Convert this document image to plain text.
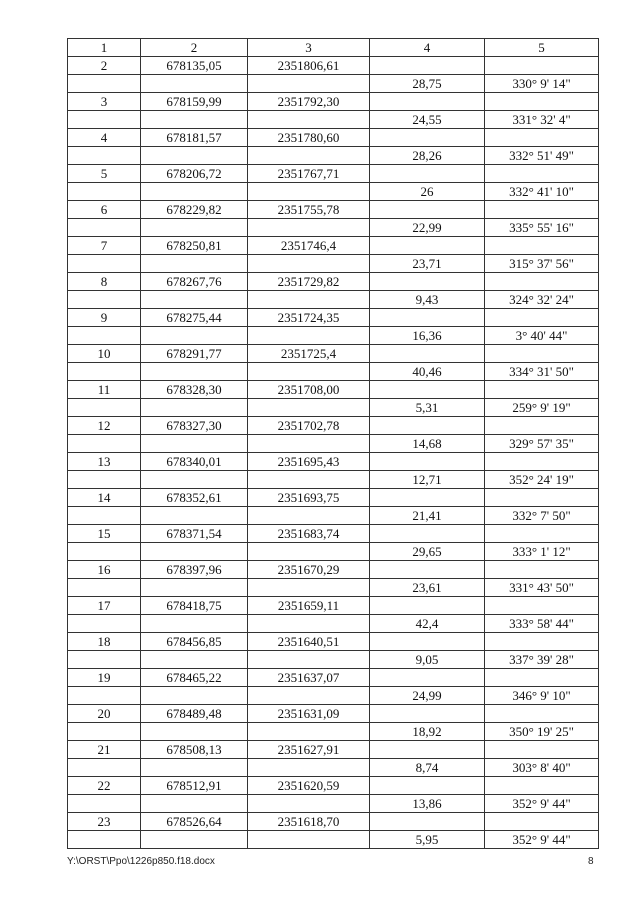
1	2	3	4	5
2	678135,05	2351806,61		
			28,75	330° 9' 14"
3	678159,99	2351792,30		
			24,55	331° 32' 4"
4	678181,57	2351780,60		
			28,26	332° 51' 49"
5	678206,72	2351767,71		
			26	332° 41' 10"
6	678229,82	2351755,78		
			22,99	335° 55' 16"
7	678250,81	2351746,4		
			23,71	315° 37' 56"
8	678267,76	2351729,82		
			9,43	324° 32' 24"
9	678275,44	2351724,35		
			16,36	3° 40' 44"
10	678291,77	2351725,4		
			40,46	334° 31' 50"
11	678328,30	2351708,00		
			5,31	259° 9' 19"
12	678327,30	2351702,78		
			14,68	329° 57' 35"
13	678340,01	2351695,43		
			12,71	352° 24' 19"
14	678352,61	2351693,75		
			21,41	332° 7' 50"
15	678371,54	2351683,74		
			29,65	333° 1' 12"
16	678397,96	2351670,29		
			23,61	331° 43' 50"
17	678418,75	2351659,11		
			42,4	333° 58' 44"
18	678456,85	2351640,51		
			9,05	337° 39' 28"
19	678465,22	2351637,07		
			24,99	346° 9' 10"
20	678489,48	2351631,09		
			18,92	350° 19' 25"
21	678508,13	2351627,91		
			8,74	303° 8' 40"
22	678512,91	2351620,59		
			13,86	352° 9' 44"
23	678526,64	2351618,70		
			5,95	352° 9' 44"
Y:\ORST\Ppo\1226p850.f18.docx	8
